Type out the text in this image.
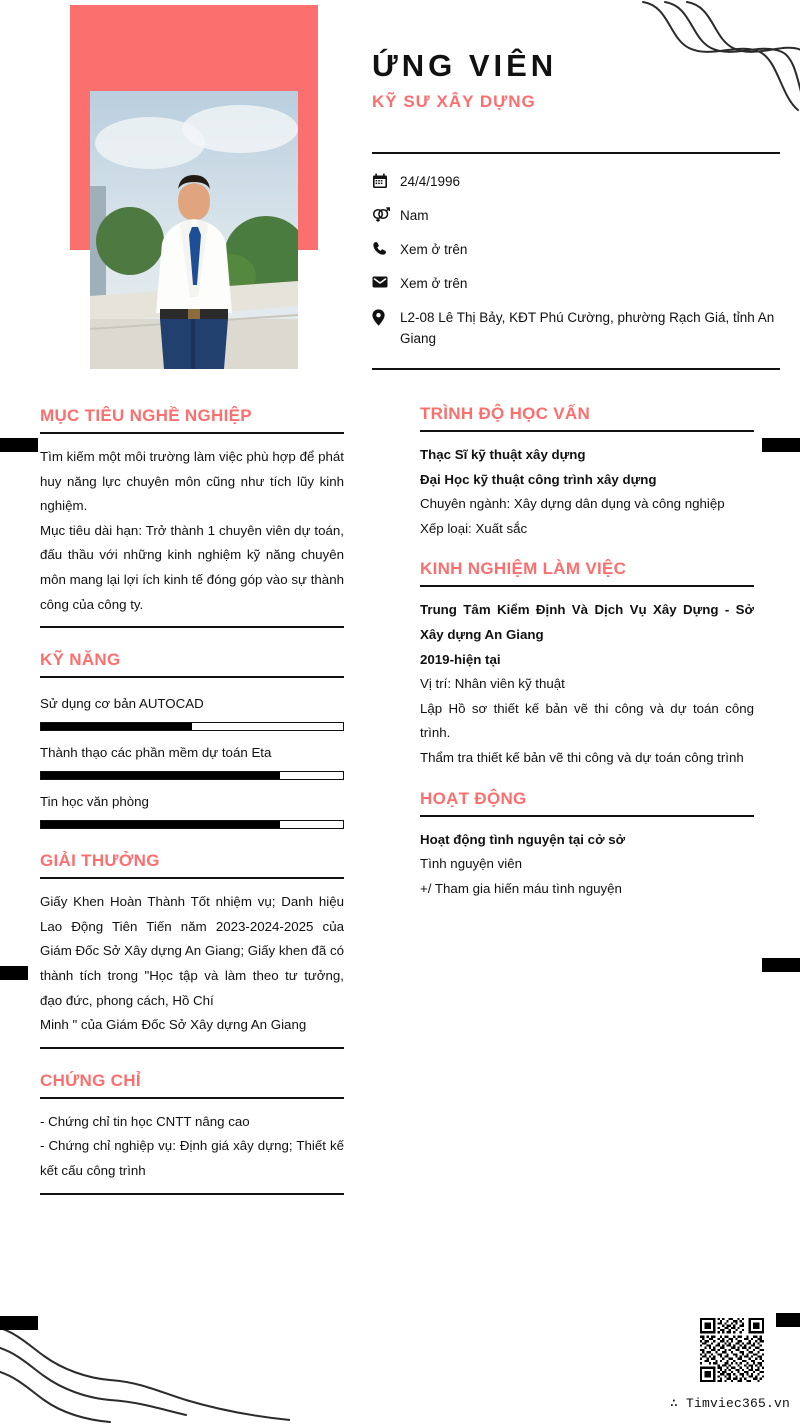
ỨNG VIÊN
KỸ SƯ XÂY DỰNG
24/4/1996
Nam
Xem ở trên
Xem ở trên
L2-08 Lê Thị Bảy, KĐT Phú Cường, phường Rạch Giá, tỉnh An Giang
MỤC TIÊU NGHỀ NGHIỆP

Tìm kiếm một môi trường làm việc phù hợp để phát huy năng lực chuyên môn cũng như tích lũy kinh nghiệm.

Mục tiêu dài hạn: Trở thành 1 chuyên viên dự toán, đấu thầu với những kinh nghiệm kỹ năng chuyên môn mang lại lợi ích kinh tế đóng góp vào sự thành công của công ty.

KỸ NĂNG
Sử dụng cơ bản AUTOCAD
Thành thạo các phần mềm dự toán Eta
Tin học văn phòng
GIẢI THƯỞNG

Giấy Khen Hoàn Thành Tốt nhiệm vụ; Danh hiệu Lao Động Tiên Tiến năm 2023-2024-2025 của Giám Đốc Sở Xây dựng An Giang; Giấy khen đã có thành tích trong "Học tập và làm theo tư tưởng, đạo đức, phong cách, Hồ Chí

Minh " của Giám Đốc Sở Xây dựng An Giang

CHỨNG CHỈ

- Chứng chỉ tin học CNTT nâng cao

- Chứng chỉ nghiệp vụ: Định giá xây dựng; Thiết kế kết cấu công trình

TRÌNH ĐỘ HỌC VẤN

Thạc Sĩ kỹ thuật xây dựng

Đại Học kỹ thuật công trình xây dựng

Chuyên ngành: Xây dựng dân dụng và công nghiệp

Xếp loại: Xuất sắc

KINH NGHIỆM LÀM VIỆC

Trung Tâm Kiểm Định Và Dịch Vụ Xây Dựng - Sở Xây dựng An Giang

2019-hiện tại

Vị trí: Nhân viên kỹ thuật

Lập Hồ sơ thiết kế bản vẽ thi công và dự toán công trình.

Thẩm tra thiết kế bản vẽ thi công và dự toán công trình

HOẠT ĐỘNG

Hoạt động tình nguyện tại cở sở

Tình nguyện viên

+/ Tham gia hiến máu tình nguyện

∴ Timviec365.vn
